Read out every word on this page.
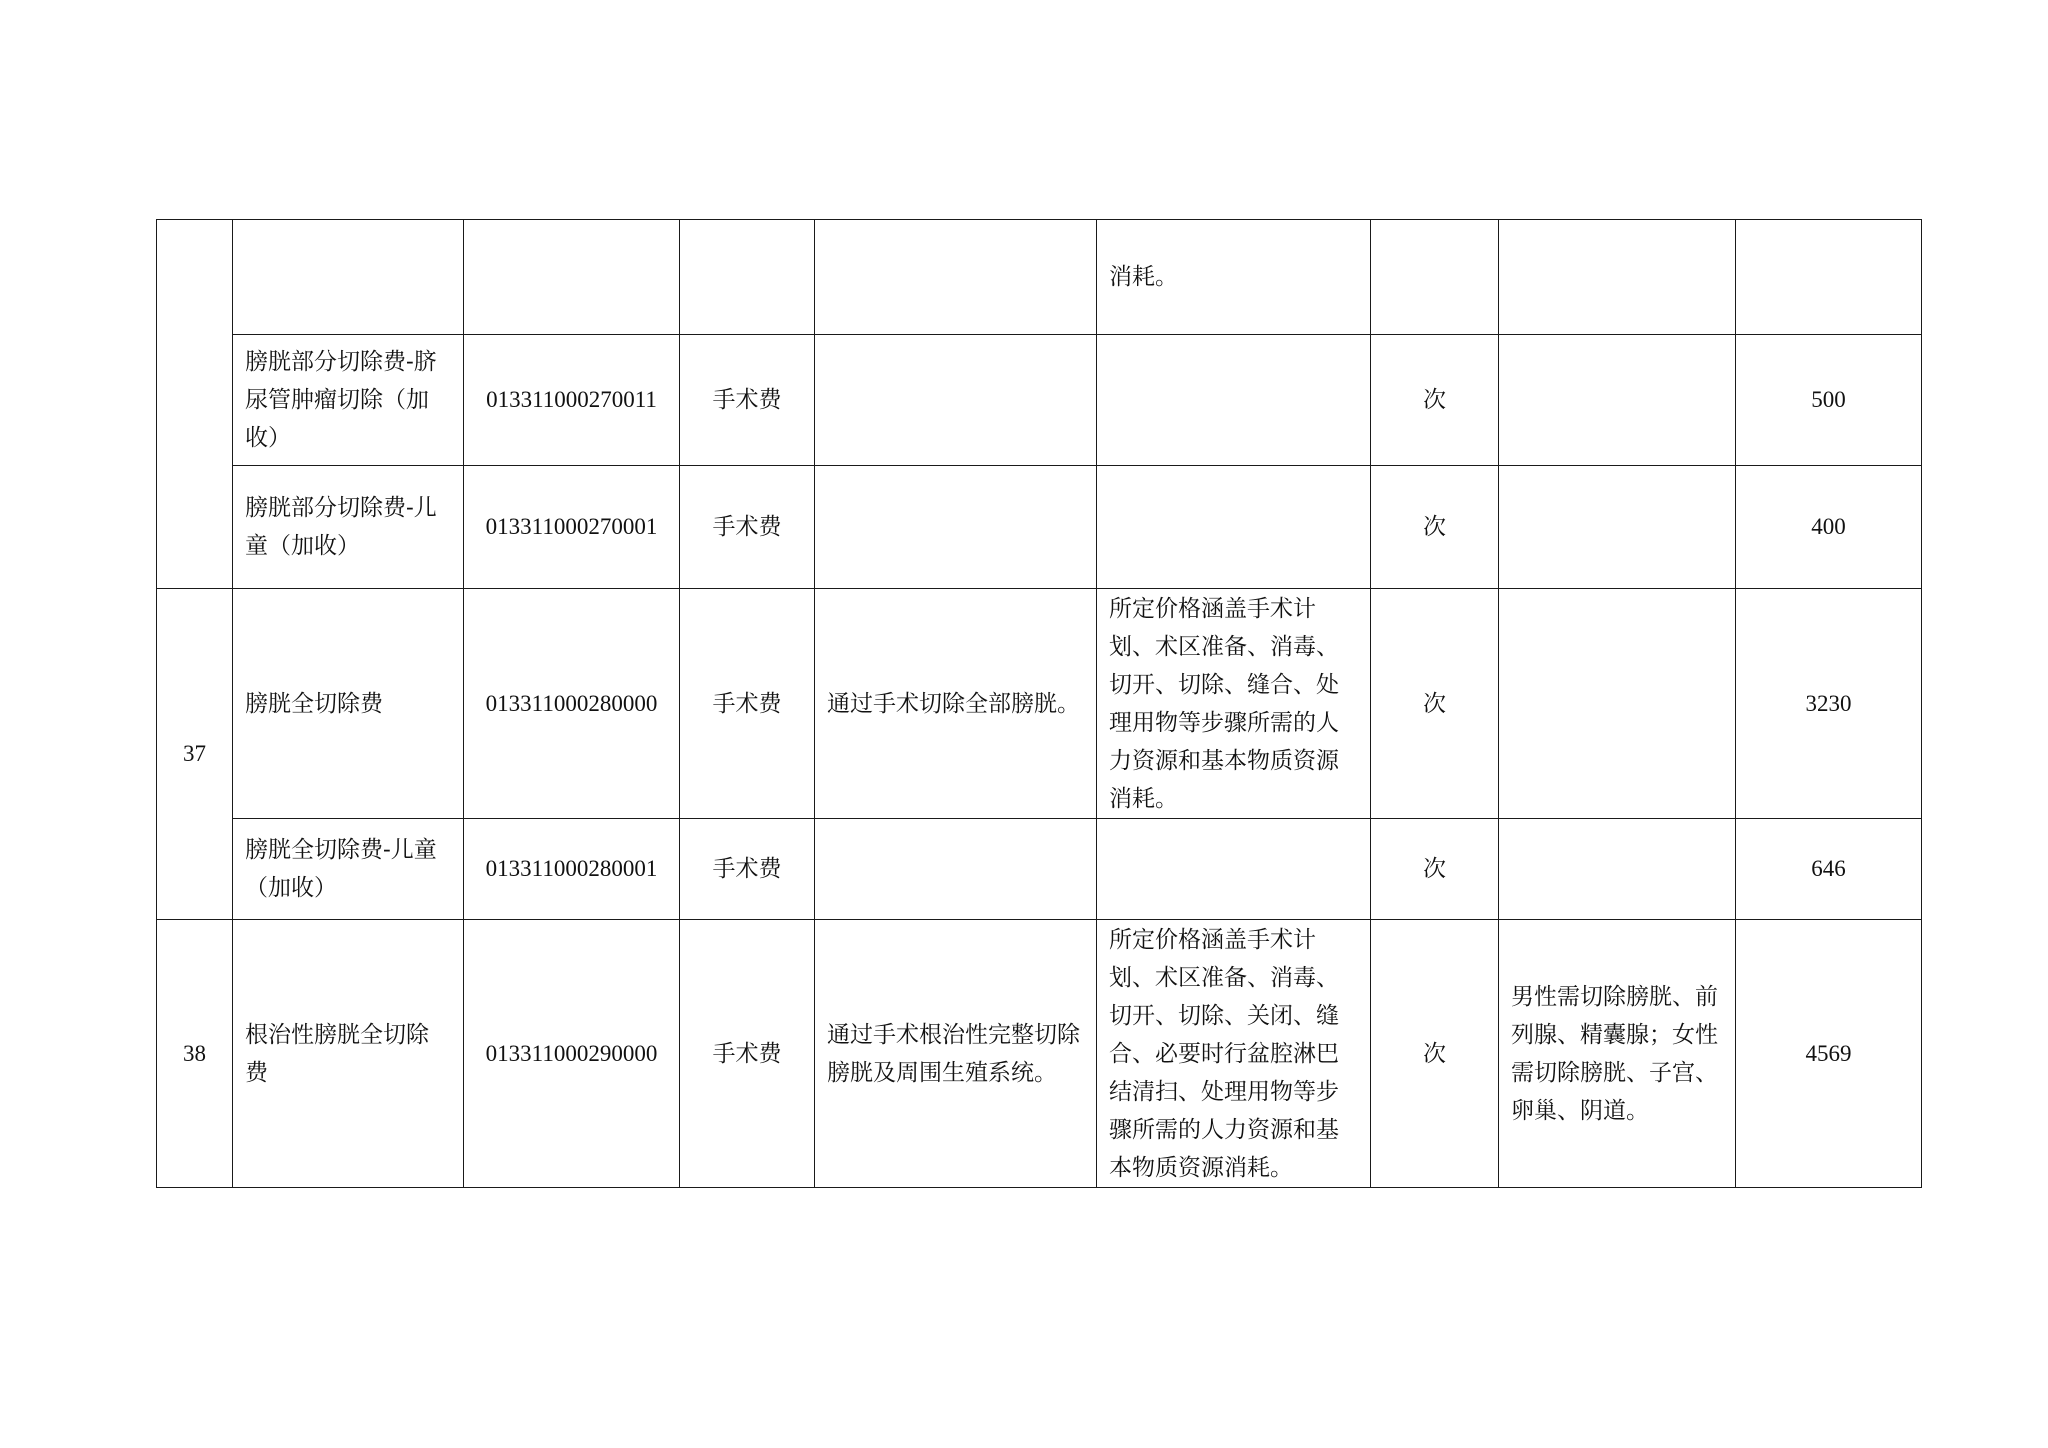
					消耗。			
	膀胱部分切除费-脐尿管肿瘤切除（加收）	013311000270011	手术费			次		500
	膀胱部分切除费-儿童（加收）	013311000270001	手术费			次		400
37	膀胱全切除费	013311000280000	手术费	通过手术切除全部膀胱。	所定价格涵盖手术计划、术区准备、消毒、切开、切除、缝合、处理用物等步骤所需的人力资源和基本物质资源消耗。	次		3230
	膀胱全切除费-儿童（加收）	013311000280001	手术费			次		646
38	根治性膀胱全切除费	013311000290000	手术费	通过手术根治性完整切除膀胱及周围生殖系统。	所定价格涵盖手术计划、术区准备、消毒、切开、切除、关闭、缝合、必要时行盆腔淋巴结清扫、处理用物等步骤所需的人力资源和基本物质资源消耗。	次	男性需切除膀胱、前列腺、精囊腺；女性需切除膀胱、子宫、卵巢、阴道。	4569
